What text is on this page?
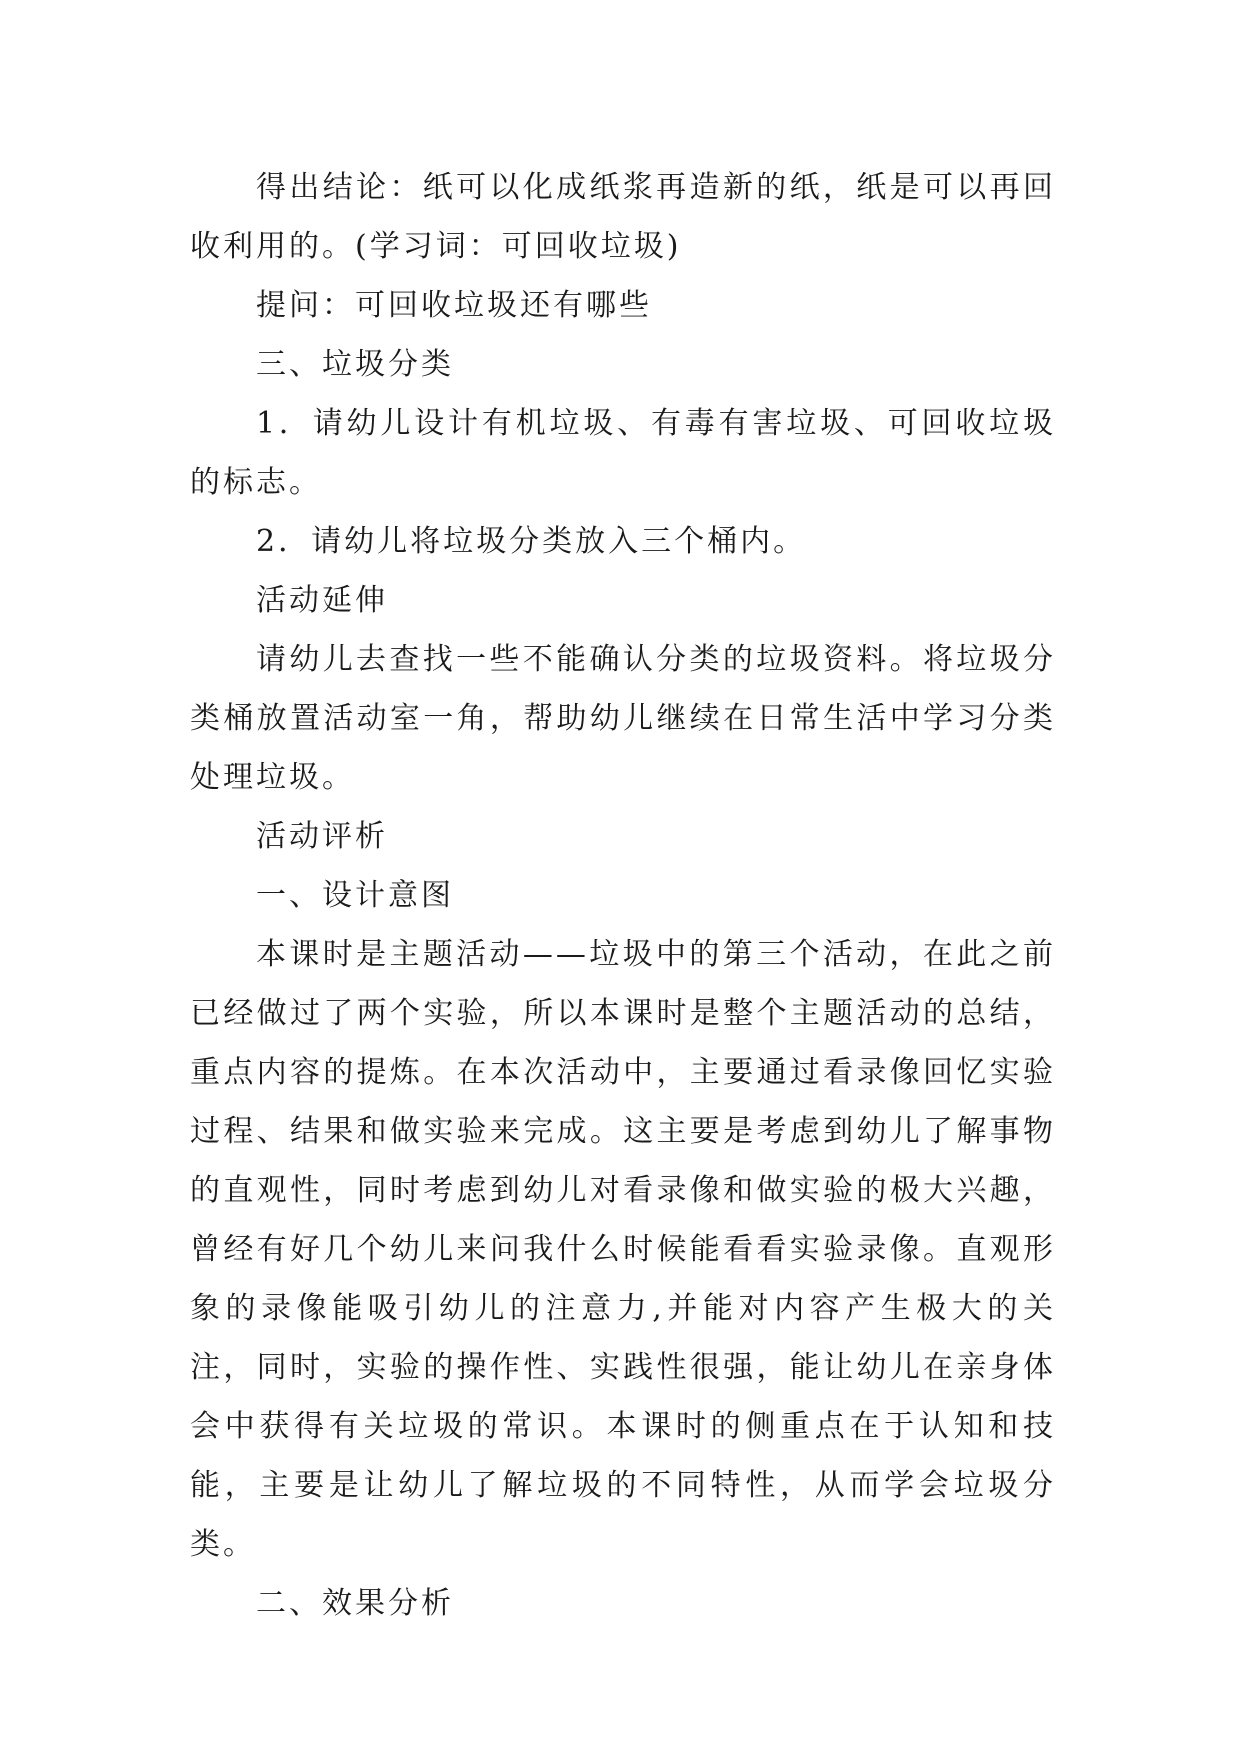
得出结论：纸可以化成纸浆再造新的纸，纸是可以再回收利用的。(学习词：可回收垃圾)

提问：可回收垃圾还有哪些

三、垃圾分类

1．请幼儿设计有机垃圾、有毒有害垃圾、可回收垃圾的标志。

2．请幼儿将垃圾分类放入三个桶内。

活动延伸

请幼儿去查找一些不能确认分类的垃圾资料。将垃圾分类桶放置活动室一角，帮助幼儿继续在日常生活中学习分类处理垃圾。

活动评析

一、设计意图

本课时是主题活动——垃圾中的第三个活动，在此之前已经做过了两个实验，所以本课时是整个主题活动的总结，重点内容的提炼。在本次活动中，主要通过看录像回忆实验过程、结果和做实验来完成。这主要是考虑到幼儿了解事物的直观性，同时考虑到幼儿对看录像和做实验的极大兴趣，曾经有好几个幼儿来问我什么时候能看看实验录像。直观形象的录像能吸引幼儿的注意力,并能对内容产生极大的关注，同时，实验的操作性、实践性很强，能让幼儿在亲身体会中获得有关垃圾的常识。本课时的侧重点在于认知和技能，主要是让幼儿了解垃圾的不同特性，从而学会垃圾分类。

二、效果分析
